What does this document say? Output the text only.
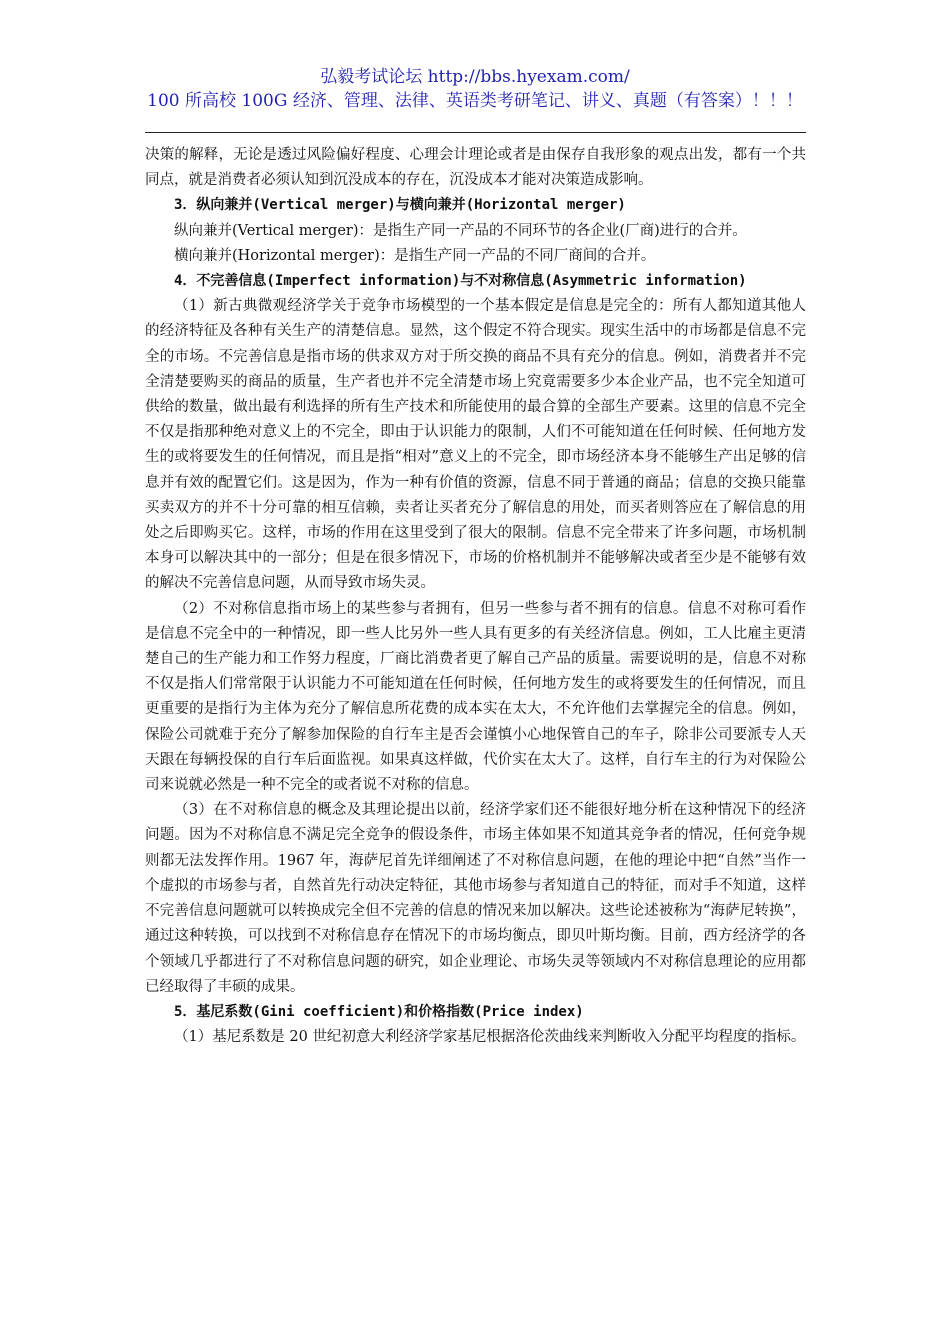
弘毅考试论坛 http://bbs.hyexam.com/
100 所高校 100G 经济、管理、法律、英语类考研笔记、讲义、真题（有答案）！！！

决策的解释，无论是透过风险偏好程度、心理会计理论或者是由保存自我形象的观点出发，都有一个共同点，就是消费者必须认知到沉没成本的存在，沉没成本才能对决策造成影响。

3．纵向兼并(Vertical merger)与横向兼并(Horizontal merger)

纵向兼并(Vertical merger)：是指生产同一产品的不同环节的各企业(厂商)进行的合并。

横向兼并(Horizontal merger)：是指生产同一产品的不同厂商间的合并。

4．不完善信息(Imperfect information)与不对称信息(Asymmetric information)

（1）新古典微观经济学关于竞争市场模型的一个基本假定是信息是完全的：所有人都知道其他人的经济特征及各种有关生产的清楚信息。显然，这个假定不符合现实。现实生活中的市场都是信息不完全的市场。不完善信息是指市场的供求双方对于所交换的商品不具有充分的信息。例如，消费者并不完全清楚要购买的商品的质量，生产者也并不完全清楚市场上究竟需要多少本企业产品，也不完全知道可供给的数量，做出最有利选择的所有生产技术和所能使用的最合算的全部生产要素。这里的信息不完全不仅是指那种绝对意义上的不完全，即由于认识能力的限制，人们不可能知道在任何时候、任何地方发生的或将要发生的任何情况，而且是指“相对”意义上的不完全，即市场经济本身不能够生产出足够的信息并有效的配置它们。这是因为，作为一种有价值的资源，信息不同于普通的商品；信息的交换只能靠买卖双方的并不十分可靠的相互信赖，卖者让买者充分了解信息的用处，而买者则答应在了解信息的用处之后即购买它。这样，市场的作用在这里受到了很大的限制。信息不完全带来了许多问题，市场机制本身可以解决其中的一部分；但是在很多情况下，市场的价格机制并不能够解决或者至少是不能够有效的解决不完善信息问题，从而导致市场失灵。

（2）不对称信息指市场上的某些参与者拥有，但另一些参与者不拥有的信息。信息不对称可看作是信息不完全中的一种情况，即一些人比另外一些人具有更多的有关经济信息。例如，工人比雇主更清楚自己的生产能力和工作努力程度，厂商比消费者更了解自己产品的质量。需要说明的是，信息不对称不仅是指人们常常限于认识能力不可能知道在任何时候，任何地方发生的或将要发生的任何情况，而且更重要的是指行为主体为充分了解信息所花费的成本实在太大，不允许他们去掌握完全的信息。例如，保险公司就难于充分了解参加保险的自行车主是否会谨慎小心地保管自己的车子，除非公司要派专人天天跟在每辆投保的自行车后面监视。如果真这样做，代价实在太大了。这样，自行车主的行为对保险公司来说就必然是一种不完全的或者说不对称的信息。

（3）在不对称信息的概念及其理论提出以前，经济学家们还不能很好地分析在这种情况下的经济问题。因为不对称信息不满足完全竞争的假设条件，市场主体如果不知道其竞争者的情况，任何竞争规则都无法发挥作用。1967 年，海萨尼首先详细阐述了不对称信息问题，在他的理论中把“自然”当作一个虚拟的市场参与者，自然首先行动决定特征，其他市场参与者知道自己的特征，而对手不知道，这样不完善信息问题就可以转换成完全但不完善的信息的情况来加以解决。这些论述被称为“海萨尼转换”，通过这种转换，可以找到不对称信息存在情况下的市场均衡点，即贝叶斯均衡。目前，西方经济学的各个领域几乎都进行了不对称信息问题的研究，如企业理论、市场失灵等领域内不对称信息理论的应用都已经取得了丰硕的成果。

5．基尼系数(Gini coefficient)和价格指数(Price index)

（1）基尼系数是 20 世纪初意大利经济学家基尼根据洛伦茨曲线来判断收入分配平均程度的指标。
